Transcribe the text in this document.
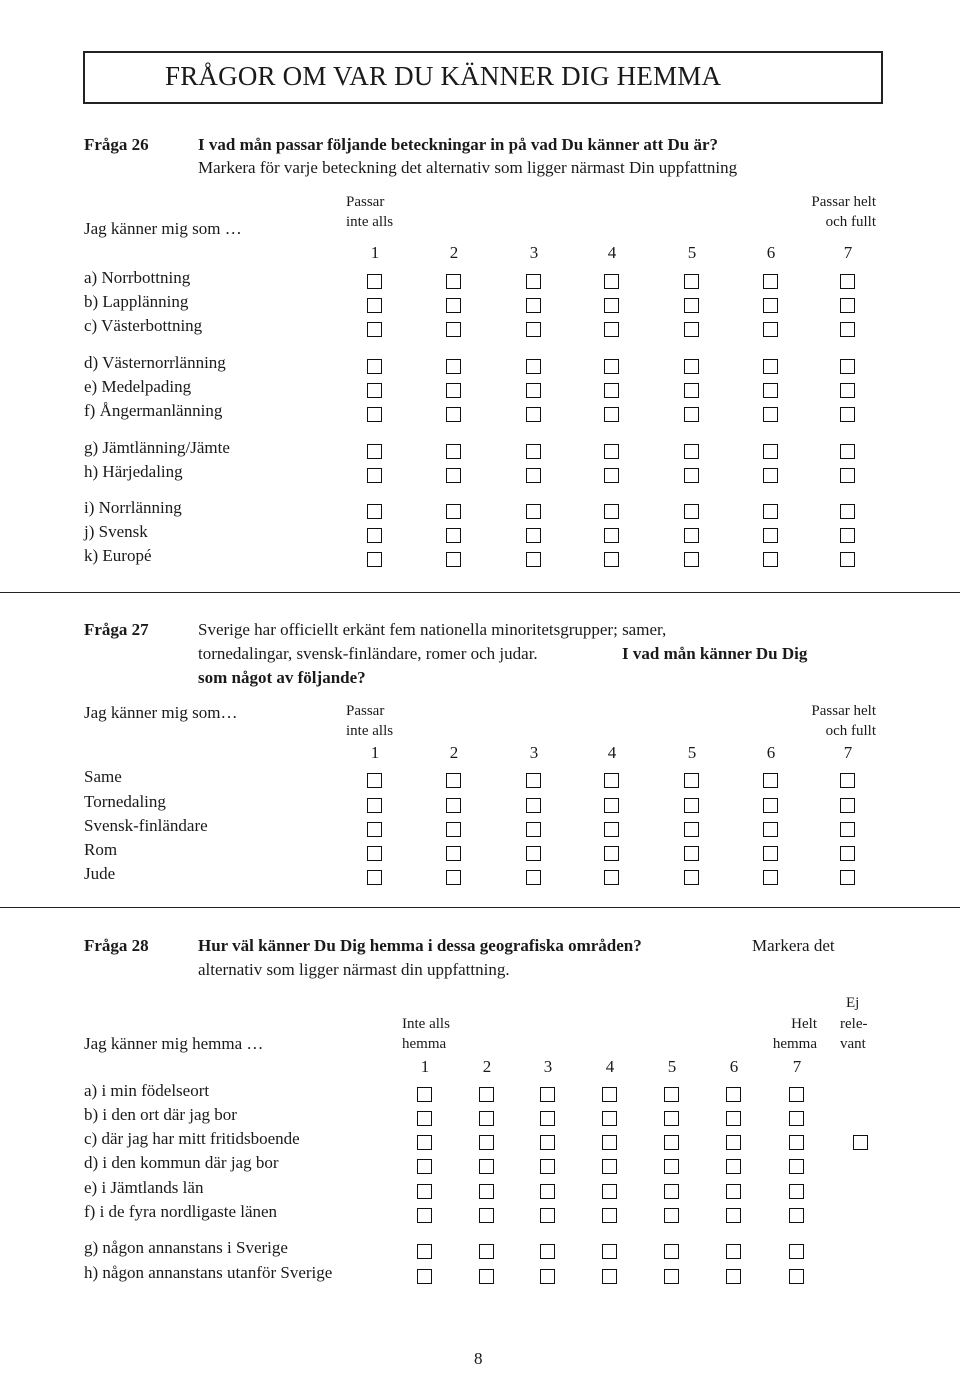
FRÅGOR OM VAR DU KÄNNER DIG HEMMA
Fråga 26	I vad mån passar följande beteckningar in på vad Du känner att Du är?
Markera för varje beteckning det alternativ som ligger närmast Din uppfattning
Passar
inte alls
Passar helt
och fullt
Jag känner mig som …
1	2	3	4	5	6	7
a) Norrbottning
b) Lapplänning
c) Västerbottning
d) Västernorrlänning
e) Medelpading
f) Ångermanlänning
g) Jämtlänning/Jämte
h) Härjedaling
i) Norrlänning
j) Svensk
k) Europé
Fråga 27	Sverige har officiellt erkänt fem nationella minoritetsgrupper; samer,
tornedalingar, svensk-finländare, romer och judar.	I vad mån känner Du Dig
som något av följande?
Jag känner mig som…	Passar
inte alls
Passar helt
och fullt
1	2	3	4	5	6	7
Same
Tornedaling
Svensk-finländare
Rom
Jude
Fråga 28	Hur väl känner Du Dig hemma i dessa geografiska områden?	Markera det
alternativ som ligger närmast din uppfattning.
Ej
rele-
vant
Inte alls
hemma
Helt
hemma
Jag känner mig hemma …
1	2	3	4	5	6	7
a) i min födelseort
b) i den ort där jag bor
c) där jag har mitt fritidsboende
d) i den kommun där jag bor
e) i Jämtlands län
f) i de fyra nordligaste länen
g) någon annanstans i Sverige
h) någon annanstans utanför Sverige
8
